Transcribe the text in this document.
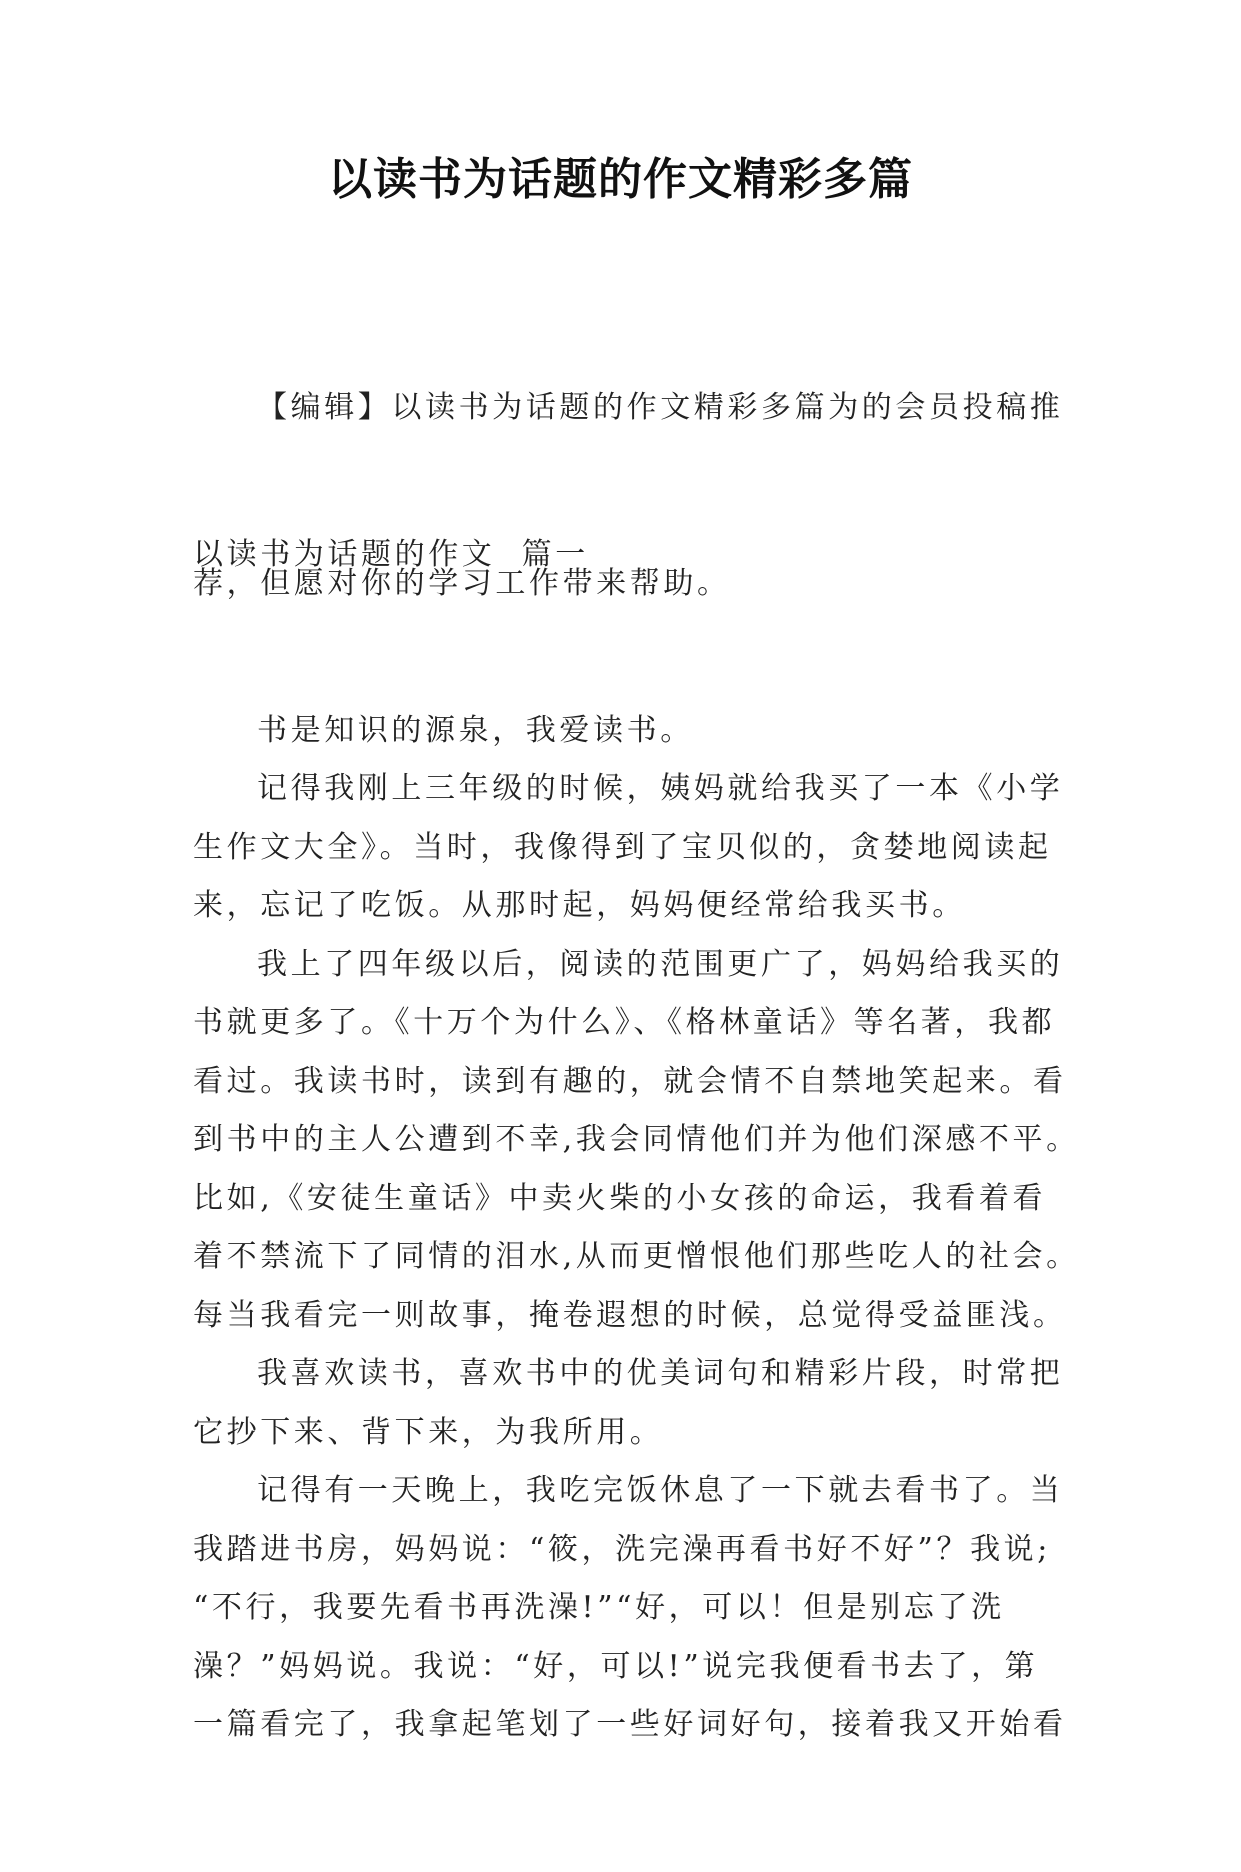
以读书为话题的作文精彩多篇

【编辑】以读书为话题的作文精彩多篇为的会员投稿推

荐，但愿对你的学习工作带来帮助。

以读书为话题的作文  篇一

书是知识的源泉，我爱读书。
记得我刚上三年级的时候，姨妈就给我买了一本《小学
生作文大全》。当时，我像得到了宝贝似的，贪婪地阅读起
来，忘记了吃饭。从那时起，妈妈便经常给我买书。
我上了四年级以后，阅读的范围更广了，妈妈给我买的
书就更多了。《十万个为什么》、《格林童话》等名著，我都
看过。我读书时，读到有趣的，就会情不自禁地笑起来。看
到书中的主人公遭到不幸,我会同情他们并为他们深感不平。
比如,《安徒生童话》中卖火柴的小女孩的命运，我看着看
着不禁流下了同情的泪水,从而更憎恨他们那些吃人的社会。
每当我看完一则故事，掩卷遐想的时候，总觉得受益匪浅。
我喜欢读书，喜欢书中的优美词句和精彩片段，时常把
它抄下来、背下来，为我所用。
记得有一天晚上，我吃完饭休息了一下就去看书了。当
我踏进书房，妈妈说：“筱，洗完澡再看书好不好”？我说;
“不行，我要先看书再洗澡!”“好，可以！但是别忘了洗
澡？”妈妈说。我说：“好，可以!”说完我便看书去了，第
一篇看完了，我拿起笔划了一些好词好句，接着我又开始看
